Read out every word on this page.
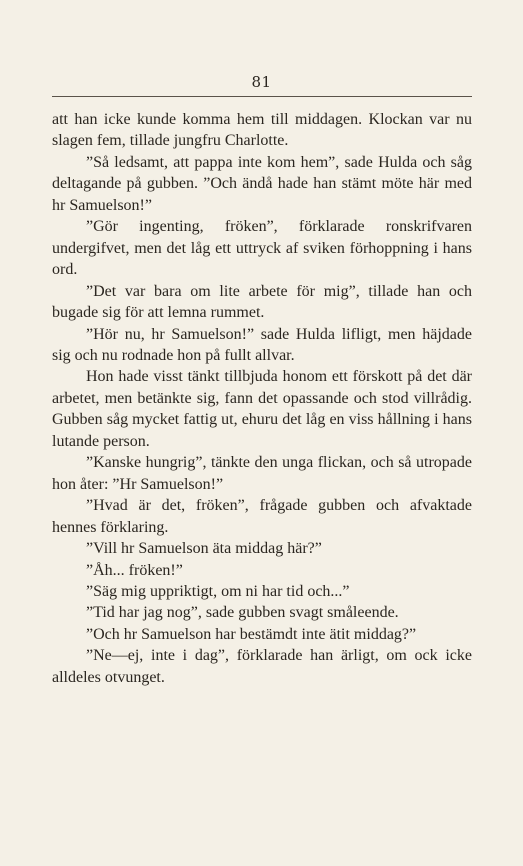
81

att han icke kunde komma hem till middagen. Klockan var nu slagen fem, tillade jungfru Charlotte.

”Så ledsamt, att pappa inte kom hem”, sade Hulda och såg deltagande på gubben. ”Och ändå hade han stämt möte här med hr Samuelson!”

”Gör ingenting, fröken”, förklarade ronskrifvaren undergifvet, men det låg ett uttryck af sviken förhoppning i hans ord.

”Det var bara om lite arbete för mig”, tillade han och bugade sig för att lemna rummet.

”Hör nu, hr Samuelson!” sade Hulda lifligt, men häjdade sig och nu rodnade hon på fullt allvar.

Hon hade visst tänkt tillbjuda honom ett förskott på det där arbetet, men betänkte sig, fann det opassande och stod villrådig. Gubben såg mycket fattig ut, ehuru det låg en viss hållning i hans lutande person.

”Kanske hungrig”, tänkte den unga flickan, och så utropade hon åter: ”Hr Samuelson!”

”Hvad är det, fröken”, frågade gubben och afvaktade hennes förklaring.

”Vill hr Samuelson äta middag här?”

”Åh... fröken!”

”Säg mig uppriktigt, om ni har tid och...”

”Tid har jag nog”, sade gubben svagt småleende.

”Och hr Samuelson har bestämdt inte ätit middag?”

”Ne—ej, inte i dag”, förklarade han ärligt, om ock icke alldeles otvunget.
